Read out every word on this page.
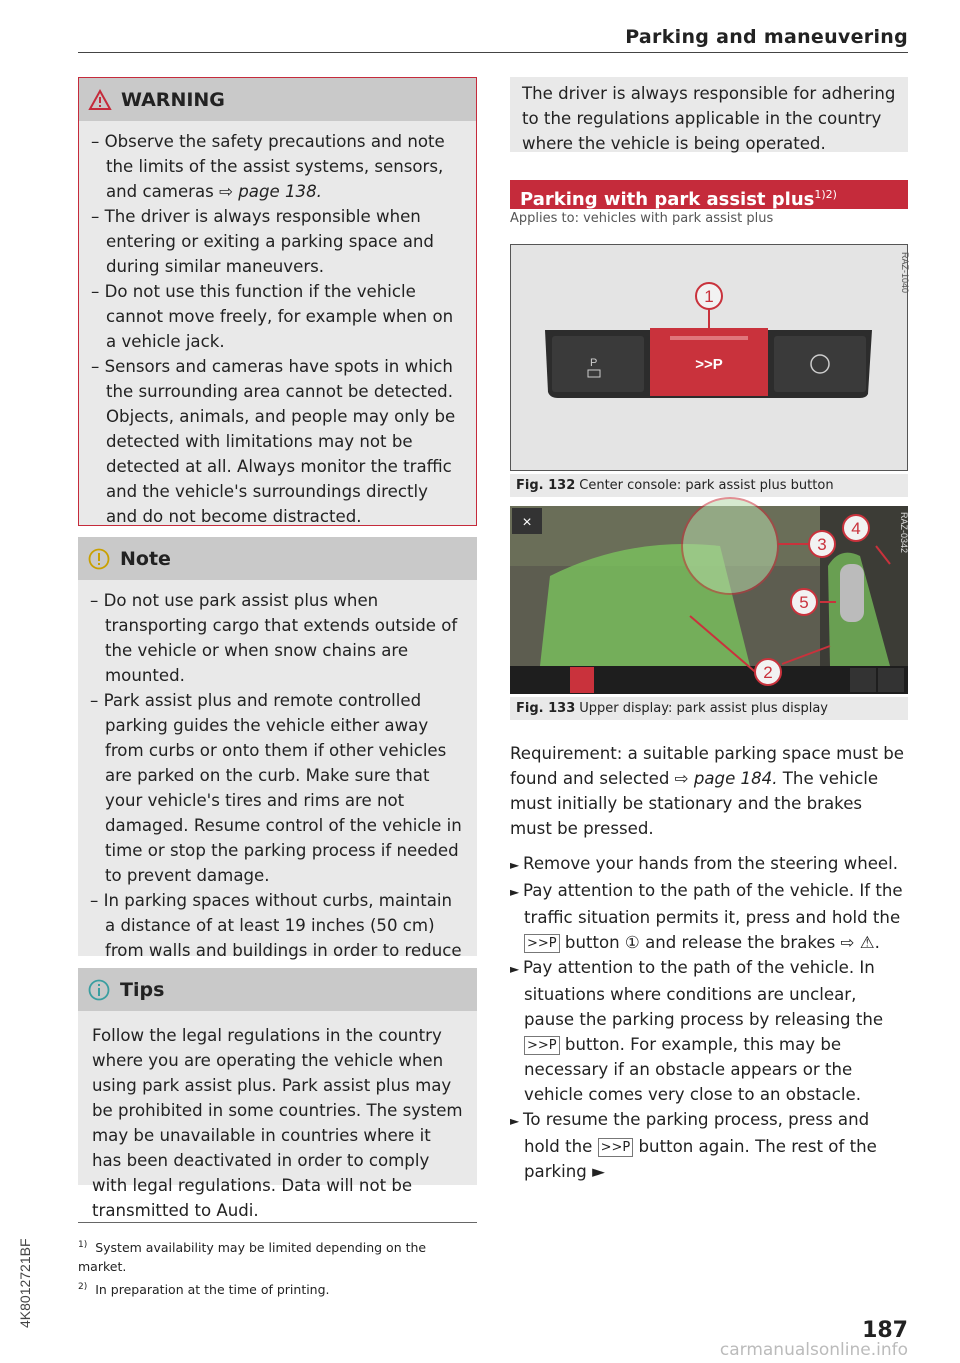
Parking and maneuvering
WARNING
– Observe the safety precautions and note the limits of the assist systems, sensors, and cameras ⇨ page 138.
– The driver is always responsible when entering or exiting a parking space and during similar maneuvers.
– Do not use this function if the vehicle cannot move freely, for example when on a vehicle jack.
– Sensors and cameras have spots in which the surrounding area cannot be detected. Objects, animals, and people may only be detected with limitations may not be detected at all. Always monitor the traffic and the vehicle's surroundings directly and do not become distracted.
Note
– Do not use park assist plus when transporting cargo that extends outside of the vehicle or when snow chains are mounted.
– Park assist plus and remote controlled parking guides the vehicle either away from curbs or onto them if other vehicles are parked on the curb. Make sure that your vehicle's tires and rims are not damaged. Resume control of the vehicle in time or stop the parking process if needed to prevent damage.
– In parking spaces without curbs, maintain a distance of at least 19 inches (50 cm) from walls and buildings in order to reduce
Tips

Follow the legal regulations in the country where you are operating the vehicle when using park assist plus. Park assist plus may be prohibited in some countries. The system may be unavailable in countries where it has been deactivated in order to comply with legal regulations. Data will not be transmitted to Audi.

$^{1)}$ System availability may be limited depending on the market.
$^{2)}$ In preparation at the time of printing.
4K8012721BF
The driver is always responsible for adhering to the regulations applicable in the country where the vehicle is being operated.
Parking with park assist plus$^{1)2)}$
Applies to: vehicles with park assist plus
RAZ-1040
P	>>P
1
Fig. 132 Center console: park assist plus button
×	RAZ-0342
2
3
4
5
Fig. 133 Upper display: park assist plus display

Requirement: a suitable parking space must be found and selected ⇨ page 184. The vehicle must initially be stationary and the brakes must be pressed.

► Remove your hands from the steering wheel.
► Pay attention to the path of the vehicle. If the traffic situation permits it, press and hold the >>P button ① and release the brakes ⇨ ⚠.
► Pay attention to the path of the vehicle. In situations where conditions are unclear, pause the parking process by releasing the >>P button. For example, this may be necessary if an obstacle appears or the vehicle comes very close to an obstacle.
► To resume the parking process, press and hold the >>P button again. The rest of the parking ►
187
carmanualsonline.info
